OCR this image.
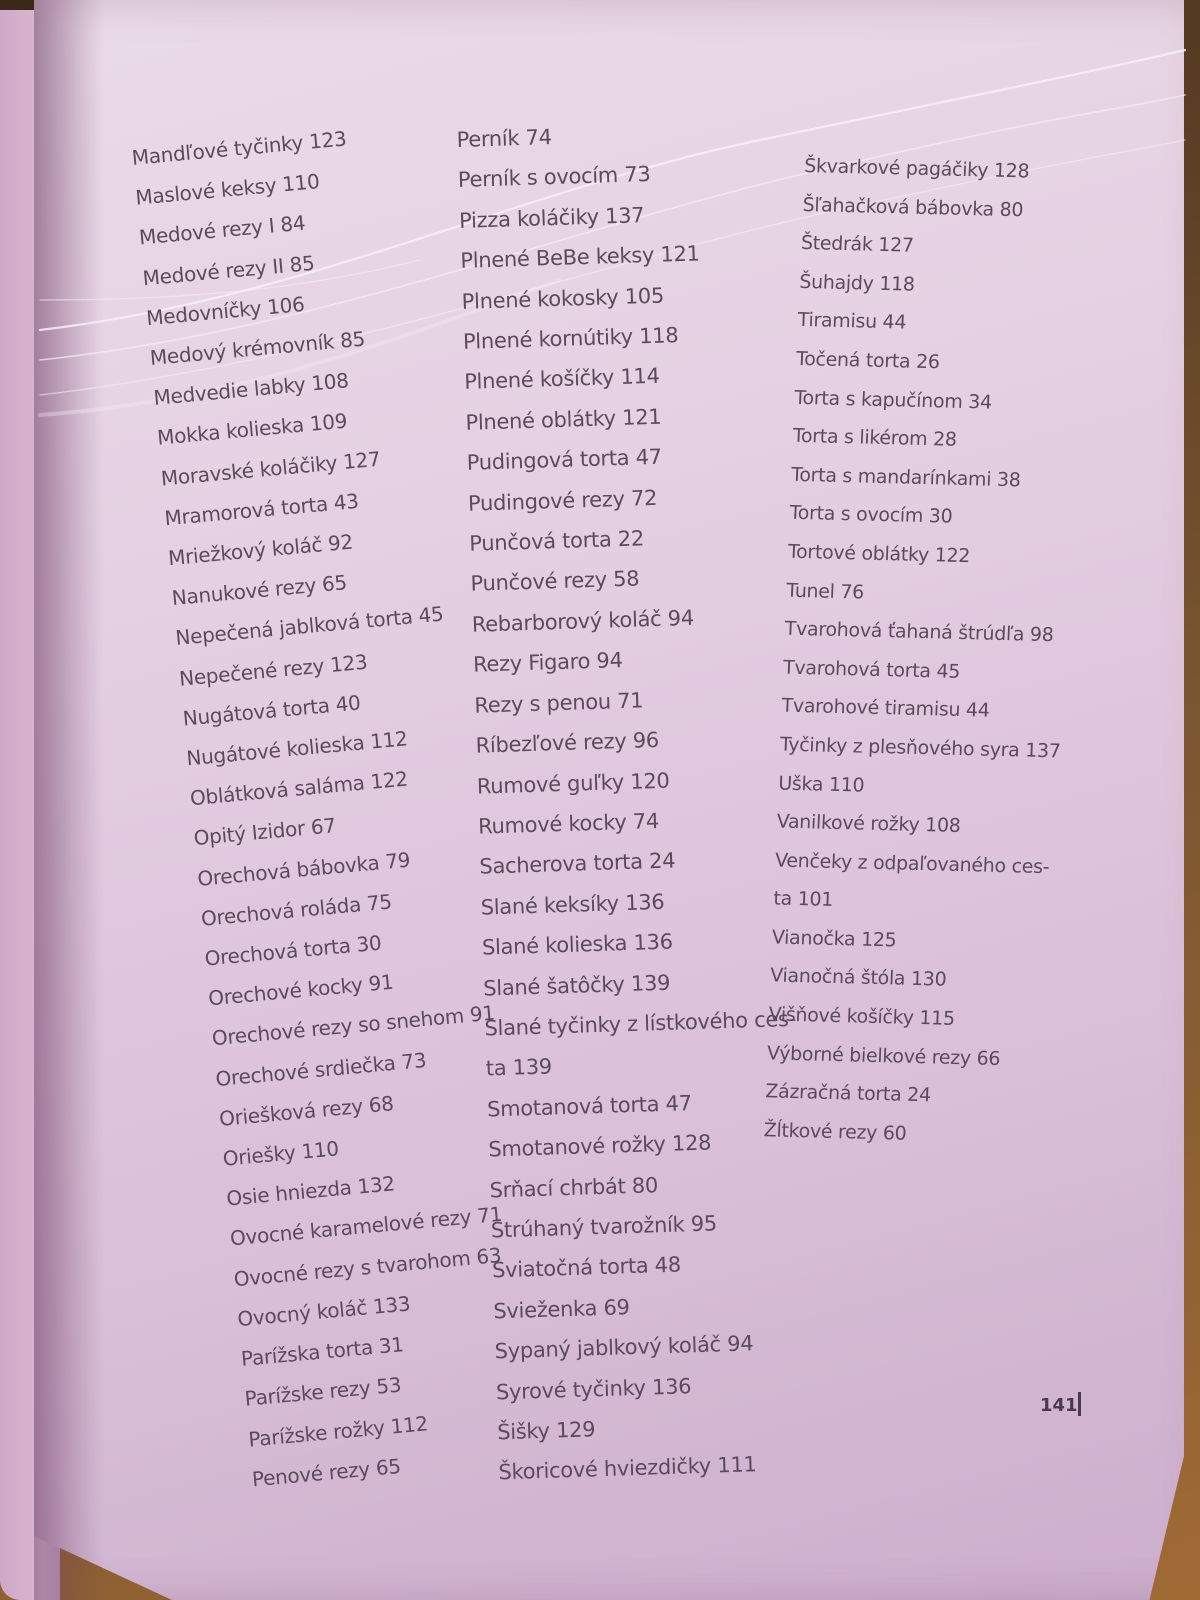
Mandľové tyčinky 123
Maslové keksy 110
Medové rezy I 84
Medové rezy II 85
Medovníčky 106
Medový krémovník 85
Medvedie labky 108
Mokka kolieska 109
Moravské koláčiky 127
Mramorová torta 43
Mriežkový koláč 92
Nanukové rezy 65
Nepečená jablková torta 45
Nepečené rezy 123
Nugátová torta 40
Nugátové kolieska 112
Oblátková saláma 122
Opitý Izidor 67
Orechová bábovka 79
Orechová roláda 75
Orechová torta 30
Orechové kocky 91
Orechové rezy so snehom 91
Orechové srdiečka 73
Oriešková rezy 68
Oriešky 110
Osie hniezda 132
Ovocné karamelové rezy 71
Ovocné rezy s tvarohom 63
Ovocný koláč 133
Parížska torta 31
Parížske rezy 53
Parížske rožky 112
Penové rezy 65
Perník 74
Perník s ovocím 73
Pizza koláčiky 137
Plnené BeBe keksy 121
Plnené kokosky 105
Plnené kornútiky 118
Plnené košíčky 114
Plnené oblátky 121
Pudingová torta 47
Pudingové rezy 72
Punčová torta 22
Punčové rezy 58
Rebarborový koláč 94
Rezy Figaro 94
Rezy s penou 71
Ríbezľové rezy 96
Rumové guľky 120
Rumové kocky 74
Sacherova torta 24
Slané keksíky 136
Slané kolieska 136
Slané šatôčky 139
Slané tyčinky z lístkového ces-
ta 139
Smotanová torta 47
Smotanové rožky 128
Srňací chrbát 80
Strúhaný tvarožník 95
Sviatočná torta 48
Svieženka 69
Sypaný jablkový koláč 94
Syrové tyčinky 136
Šišky 129
Škoricové hviezdičky 111
Škvarkové pagáčiky 128
Šľahačková bábovka 80
Štedrák 127
Šuhajdy 118
Tiramisu 44
Točená torta 26
Torta s kapučínom 34
Torta s likérom 28
Torta s mandarínkami 38
Torta s ovocím 30
Tortové oblátky 122
Tunel 76
Tvarohová ťahaná štrúdľa 98
Tvarohová torta 45
Tvarohové tiramisu 44
Tyčinky z plesňového syra 137
Uška 110
Vanilkové rožky 108
Venčeky z odpaľovaného ces-
ta 101
Vianočka 125
Vianočná štóla 130
Višňové košíčky 115
Výborné bielkové rezy 66
Zázračná torta 24
Žĺtkové rezy 60
141
